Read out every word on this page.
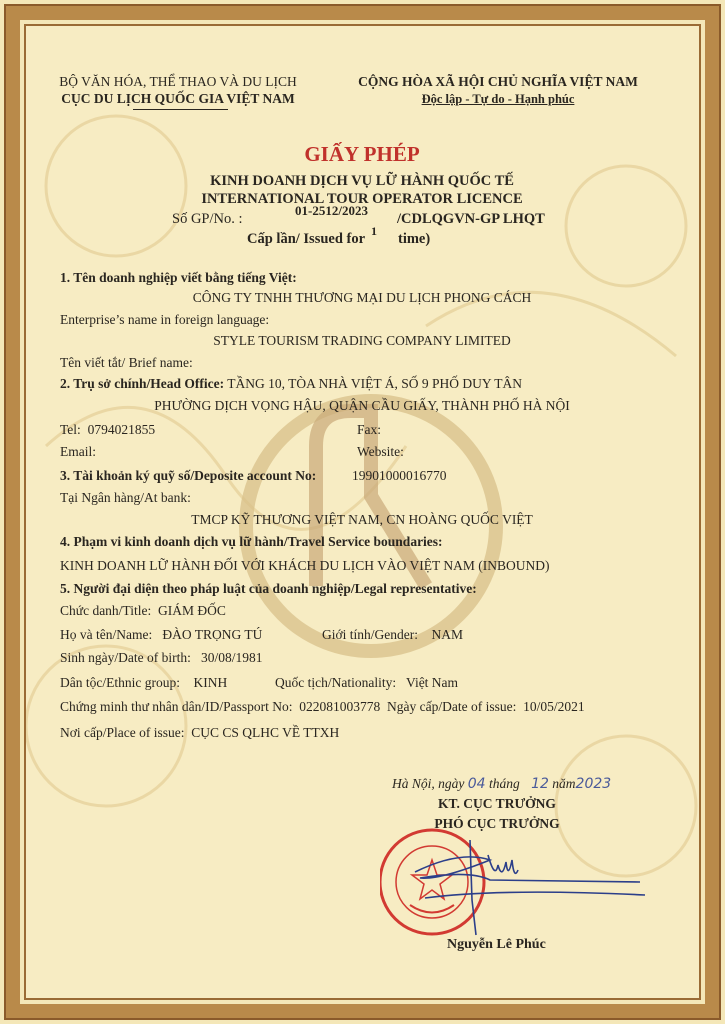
BỘ VĂN HÓA, THỂ THAO VÀ DU LỊCH
CỤC DU LỊCH QUỐC GIA VIỆT NAM
CỘNG HÒA XÃ HỘI CHỦ NGHĨA VIỆT NAM
Độc lập - Tự do - Hạnh phúc
GIẤY PHÉP
KINH DOANH DỊCH VỤ LỮ HÀNH QUỐC TẾ
INTERNATIONAL TOUR OPERATOR LICENCE
Số GP/No. :
01-2512/2023
/CDLQGVN-GP LHQT
Cấp lần/ Issued for 1 time)
1. Tên doanh nghiệp viết bằng tiếng Việt:
CÔNG TY TNHH THƯƠNG MẠI DU LỊCH PHONG CÁCH
Enterprise’s name in foreign language:
STYLE TOURISM TRADING COMPANY LIMITED
Tên viết tắt/ Brief name:
2. Trụ sở chính/Head Office: TẦNG 10, TÒA NHÀ VIỆT Á, SỐ 9 PHỐ DUY TÂN
PHƯỜNG DỊCH VỌNG HẬU, QUẬN CẦU GIẤY, THÀNH PHỐ HÀ NỘI
Tel: 0794021855	Fax:
Email:	Website:
3. Tài khoản ký quỹ số/Deposite account No:	19901000016770
Tại Ngân hàng/At bank:
TMCP KỸ THƯƠNG VIỆT NAM, CN HOÀNG QUỐC VIỆT
4. Phạm vi kinh doanh dịch vụ lữ hành/Travel Service boundaries:
KINH DOANH LỮ HÀNH ĐỐI VỚI KHÁCH DU LỊCH VÀO VIỆT NAM (INBOUND)
5. Người đại diện theo pháp luật của doanh nghiệp/Legal representative:
Chức danh/Title: GIÁM ĐỐC
Họ và tên/Name: ĐÀO TRỌNG TÚ	Giới tính/Gender: NAM
Sinh ngày/Date of birth: 30/08/1981
Dân tộc/Ethnic group: KINH	Quốc tịch/Nationality: Việt Nam
Chứng minh thư nhân dân/ID/Passport No: 022081003778 Ngày cấp/Date of issue: 10/05/2021
Nơi cấp/Place of issue: CỤC CS QLHC VỀ TTXH
Hà Nội, ngày 04 tháng 12 năm2023
KT. CỤC TRƯỞNG
PHÓ CỤC TRƯỞNG
Nguyễn Lê Phúc
